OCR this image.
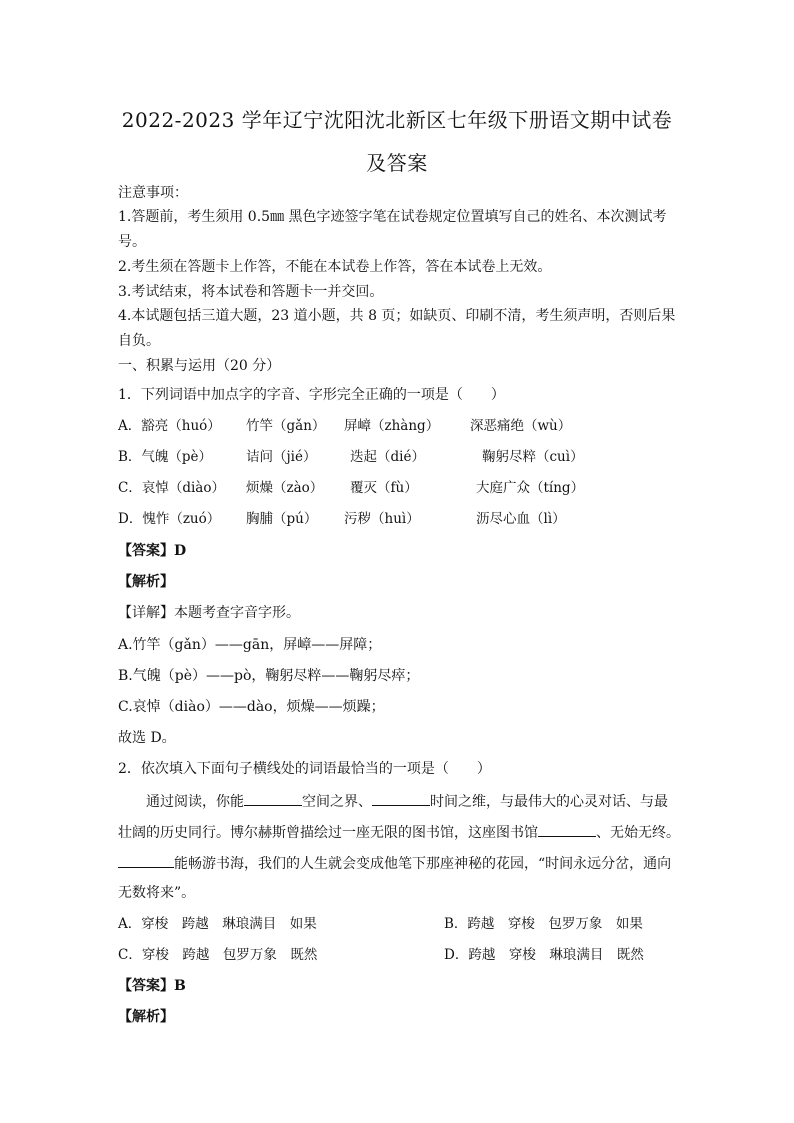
2022-2023 学年辽宁沈阳沈北新区七年级下册语文期中试卷
及答案
注意事项：
1.答题前，考生须用 0.5㎜ 黑色字迹签字笔在试卷规定位置填写自己的姓名、本次测试考
号。
2.考生须在答题卡上作答，不能在本试卷上作答，答在本试卷上无效。
3.考试结束，将本试卷和答题卡一并交回。
4.本试题包括三道大题，23 道小题，共 8 页；如缺页、印刷不清，考生须声明，否则后果
自负。
一、积累与运用（20 分）
1．下列词语中加点字的字音、字形完全正确的一项是（　　）
A．豁亮（huó） 竹竿（gǎn） 屏嶂（zhàng） 深恶痛绝（wù）
B．气魄（pè）	诘问（jié） 迭起（dié）	鞠躬尽粹（cuì）
C．哀悼（diào） 烦燥（zào） 覆灭（fù）	大庭广众（tíng）
D．愧怍（zuó） 胸脯（pú） 污秽（huì）	沥尽心血（lì）
【答案】D
【解析】
【详解】本题考查字音字形。
A.竹竿（gǎn）——gān，屏嶂——屏障；
B.气魄（pè）——pò，鞠躬尽粹——鞠躬尽瘁；
C.哀悼（diào）——dào，烦燥——烦躁；
故选 D。
2．依次填入下面句子横线处的词语最恰当的一项是（　　）
通过阅读，你能	空间之界、	时间之维，与最伟大的心灵对话、与最
壮阔的历史同行。博尔赫斯曾描绘过一座无限的图书馆，这座图书馆	、无始无终。
能畅游书海，我们的人生就会变成他笔下那座神秘的花园，“时间永远分岔，通向
无数将来”。
A．穿梭　跨越　琳琅满目　如果	B．跨越　穿梭　包罗万象　如果
C．穿梭　跨越　包罗万象　既然	D．跨越　穿梭　琳琅满目　既然
【答案】B
【解析】
